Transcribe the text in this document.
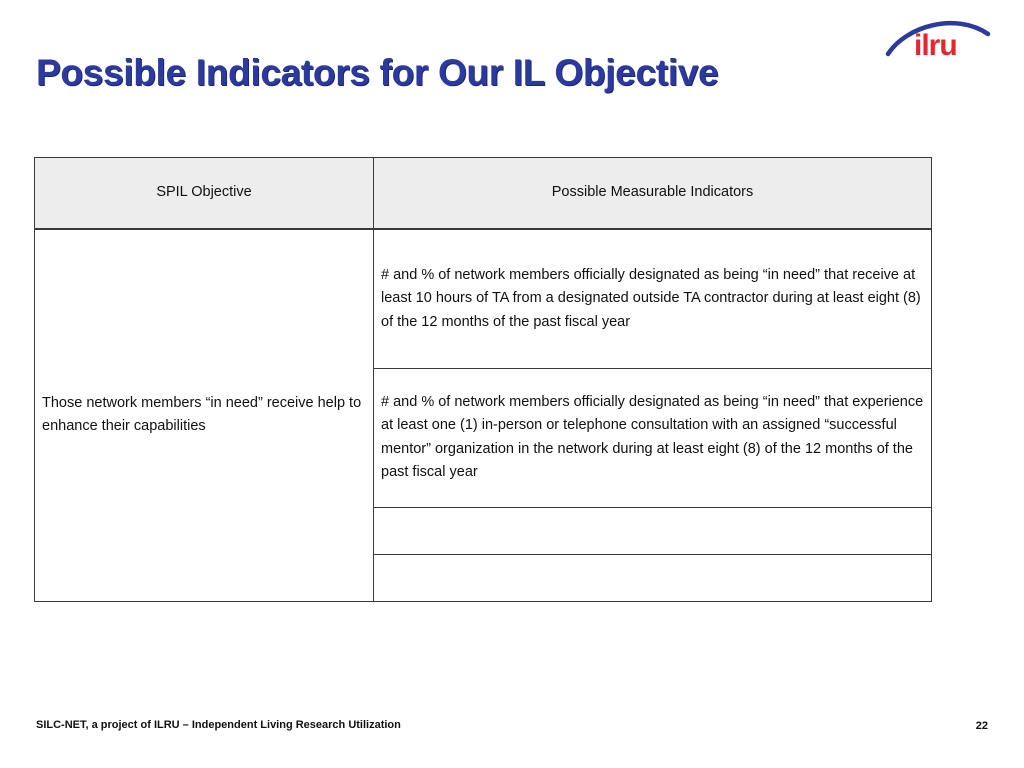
Possible Indicators for Our IL Objective
ilru
SPIL Objective	Possible Measurable Indicators
Those network members “in need” receive help to enhance their capabilities	# and % of network members officially designated as being “in need” that receive at least 10 hours of TA from a designated outside TA contractor during at least eight (8) of the 12 months of the past fiscal year
	# and % of network members officially designated as being “in need” that experience at least one (1) in-person or telephone consultation with an assigned “successful mentor” organization in the network during at least eight (8) of the 12 months of the past fiscal year

SILC-NET, a project of ILRU – Independent Living Research Utilization	22
